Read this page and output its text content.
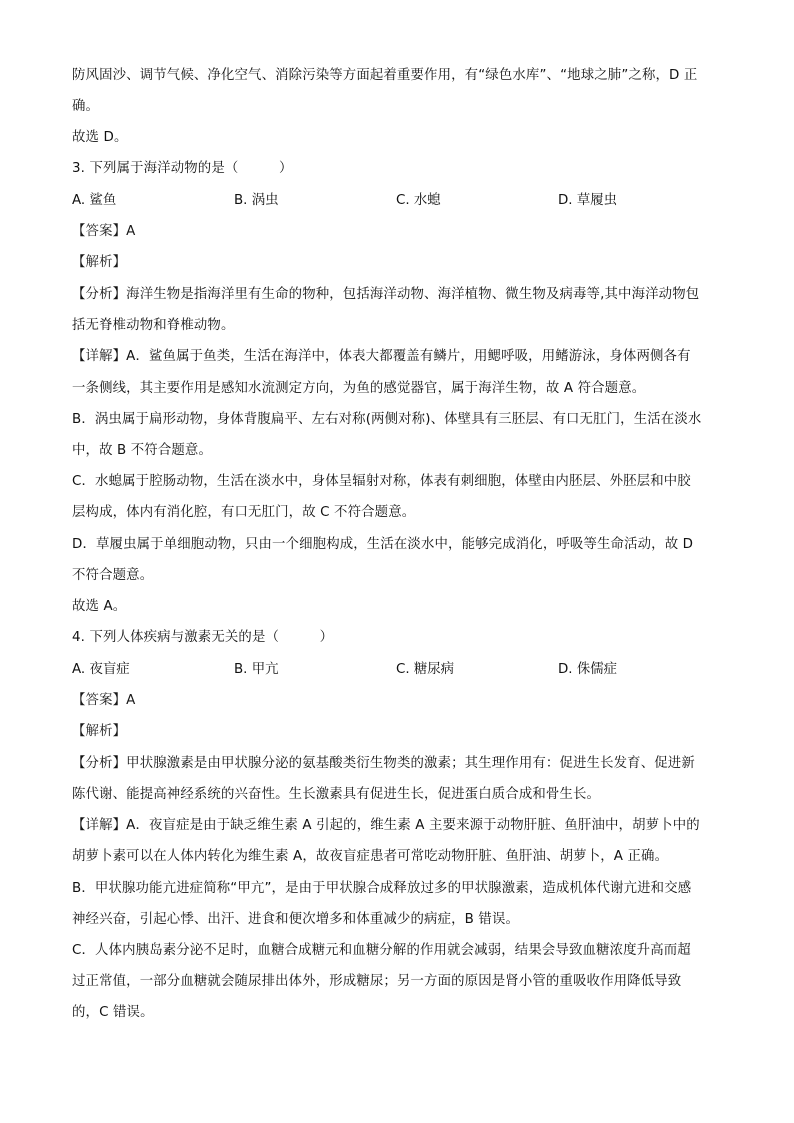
防风固沙、调节气候、净化空气、消除污染等方面起着重要作用，有“绿色水库”、“地球之肺”之称，D 正
确。
故选 D。
3. 下列属于海洋动物的是（　　　）
A. 鲨鱼	B. 涡虫	C. 水螅	D. 草履虫
【答案】A
【解析】
【分析】海洋生物是指海洋里有生命的物种，包括海洋动物、海洋植物、微生物及病毒等,其中海洋动物包
括无脊椎动物和脊椎动物。
【详解】A．鲨鱼属于鱼类，生活在海洋中，体表大都覆盖有鳞片，用鳃呼吸，用鳍游泳，身体两侧各有
一条侧线，其主要作用是感知水流测定方向，为鱼的感觉器官，属于海洋生物，故 A 符合题意。
B．涡虫属于扁形动物，身体背腹扁平、左右对称(两侧对称)、体壁具有三胚层、有口无肛门，生活在淡水
中，故 B 不符合题意。
C．水螅属于腔肠动物，生活在淡水中，身体呈辐射对称，体表有刺细胞，体壁由内胚层、外胚层和中胶
层构成，体内有消化腔，有口无肛门，故 C 不符合题意。
D．草履虫属于单细胞动物，只由一个细胞构成，生活在淡水中，能够完成消化，呼吸等生命活动，故 D
不符合题意。
故选 A。
4. 下列人体疾病与激素无关的是（　　　）
A. 夜盲症	B. 甲亢	C. 糖尿病	D. 侏儒症
【答案】A
【解析】
【分析】甲状腺激素是由甲状腺分泌的氨基酸类衍生物类的激素；其生理作用有：促进生长发育、促进新
陈代谢、能提高神经系统的兴奋性。生长激素具有促进生长，促进蛋白质合成和骨生长。
【详解】A．夜盲症是由于缺乏维生素 A 引起的，维生素 A 主要来源于动物肝脏、鱼肝油中，胡萝卜中的
胡萝卜素可以在人体内转化为维生素 A，故夜盲症患者可常吃动物肝脏、鱼肝油、胡萝卜，A 正确。
B．甲状腺功能亢进症简称“甲亢”，是由于甲状腺合成释放过多的甲状腺激素，造成机体代谢亢进和交感
神经兴奋，引起心悸、出汗、进食和便次增多和体重减少的病症，B 错误。
C．人体内胰岛素分泌不足时，血糖合成糖元和血糖分解的作用就会减弱，结果会导致血糖浓度升高而超
过正常值，一部分血糖就会随尿排出体外，形成糖尿；另一方面的原因是肾小管的重吸收作用降低导致
的，C 错误。
